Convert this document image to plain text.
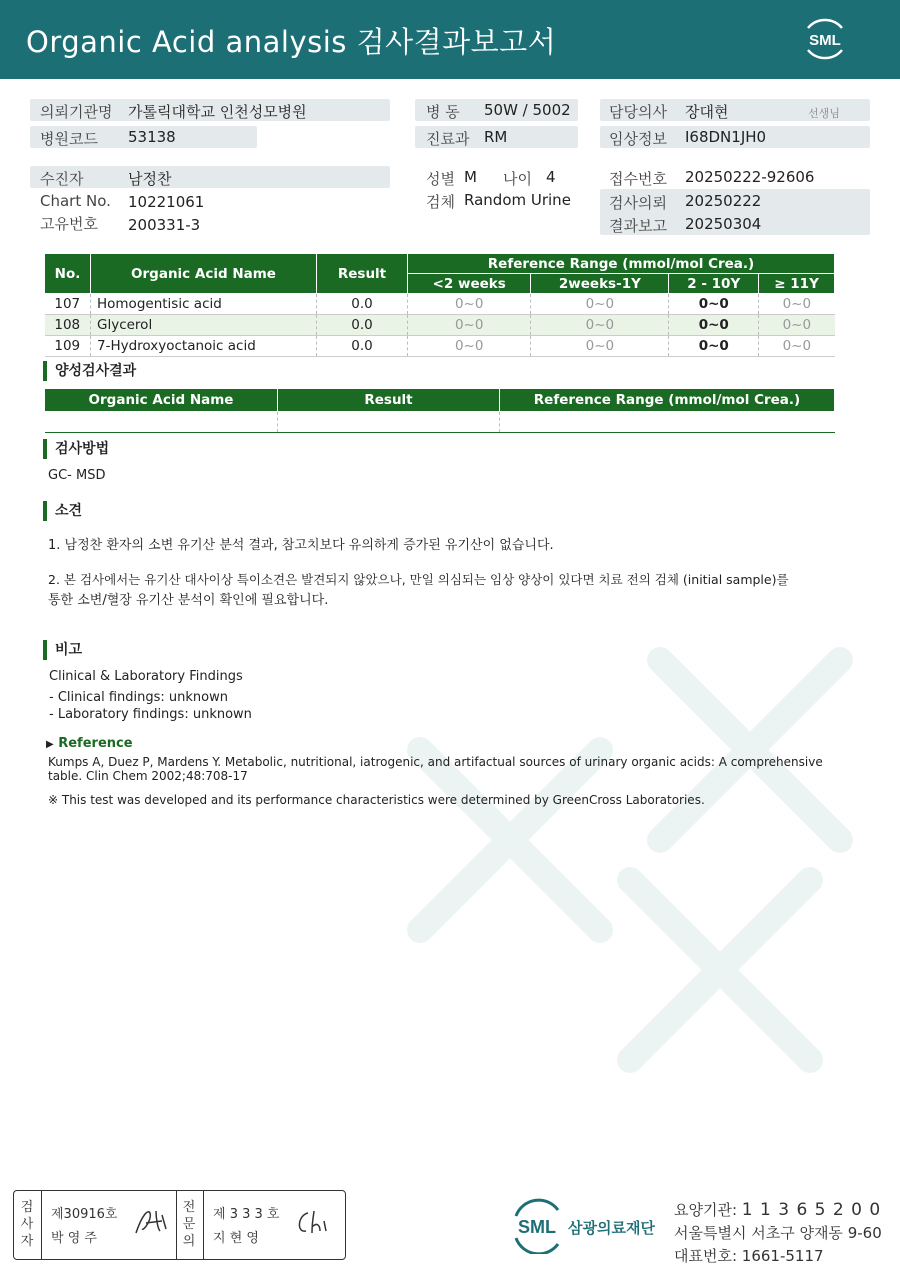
Organic Acid analysis 검사결과보고서	SML
의뢰기관명 가톨릭대학교 인천성모병원
병원코드 53138
병 동 50W / 5002
진료과 RM
담당의사 장대현	선생님
임상정보 I68DN1JH0
수진자	남정찬
Chart No. 10221061
고유번호 200331-3
성별 M 나이 4
검체 Random Urine
접수번호 20250222-92606
검사의뢰 20250222
결과보고 20250304
No.	Organic Acid Name	Result	Reference Range (mmol/mol Crea.)			
			<2 weeks	2weeks-1Y	2 - 10Y	≥ 11Y
107	Homogentisic acid	0.0	0~0	0~0	0~0	0~0
108	Glycerol	0.0	0~0	0~0	0~0	0~0
109	7-Hydroxyoctanoic acid	0.0	0~0	0~0	0~0	0~0
양성검사결과
Organic Acid Name	Result	Reference Range (mmol/mol Crea.)

검사방법
GC- MSD
소견
1. 남정찬 환자의 소변 유기산 분석 결과, 참고치보다 유의하게 증가된 유기산이 없습니다.
2. 본 검사에서는 유기산 대사이상 특이소견은 발견되지 않았으나, 만일 의심되는 임상 양상이 있다면 치료 전의 검체 (initial sample)를
통한 소변/혈장 유기산 분석이 확인에 필요합니다.
비고
Clinical & Laboratory Findings
- Clinical findings: unknown
- Laboratory findings: unknown
▶ Reference
Kumps A, Duez P, Mardens Y. Metabolic, nutritional, iatrogenic, and artifactual sources of urinary organic acids: A comprehensive
table. Clin Chem 2002;48:708-17
※ This test was developed and its performance characteristics were determined by GreenCross Laboratories.
검사자
제30916호
박 영 주
전문의
제 3 3 3 호
지 현 영
SML 삼광의료재단
요양기관: 1 1 3 6 5 2 0 0
서울특별시 서초구 양재동 9-60
대표번호: 1661-5117
